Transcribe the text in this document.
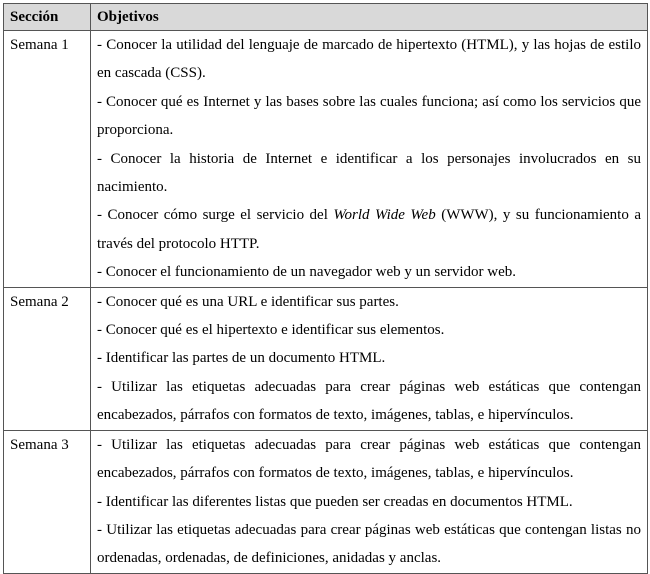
Sección	Objetivos
Semana 1	- Conocer la utilidad del lenguaje de marcado de hipertexto (HTML), y las hojas de estilo en cascada (CSS).

- Conocer qué es Internet y las bases sobre las cuales funciona; así como los servicios que proporciona.

- Conocer la historia de Internet e identificar a los personajes involucrados en su nacimiento.

- Conocer cómo surge el servicio del World Wide Web (WWW), y su funcionamiento a través del protocolo HTTP.

- Conocer el funcionamiento de un navegador web y un servidor web.

Semana 2	- Conocer qué es una URL e identificar sus partes.

- Conocer qué es el hipertexto e identificar sus elementos.

- Identificar las partes de un documento HTML.

- Utilizar las etiquetas adecuadas para crear páginas web estáticas que contengan encabezados, párrafos con formatos de texto, imágenes, tablas, e hipervínculos.

Semana 3	- Utilizar las etiquetas adecuadas para crear páginas web estáticas que contengan encabezados, párrafos con formatos de texto, imágenes, tablas, e hipervínculos.

- Identificar las diferentes listas que pueden ser creadas en documentos HTML.

- Utilizar las etiquetas adecuadas para crear páginas web estáticas que contengan listas no ordenadas, ordenadas, de definiciones, anidadas y anclas.
